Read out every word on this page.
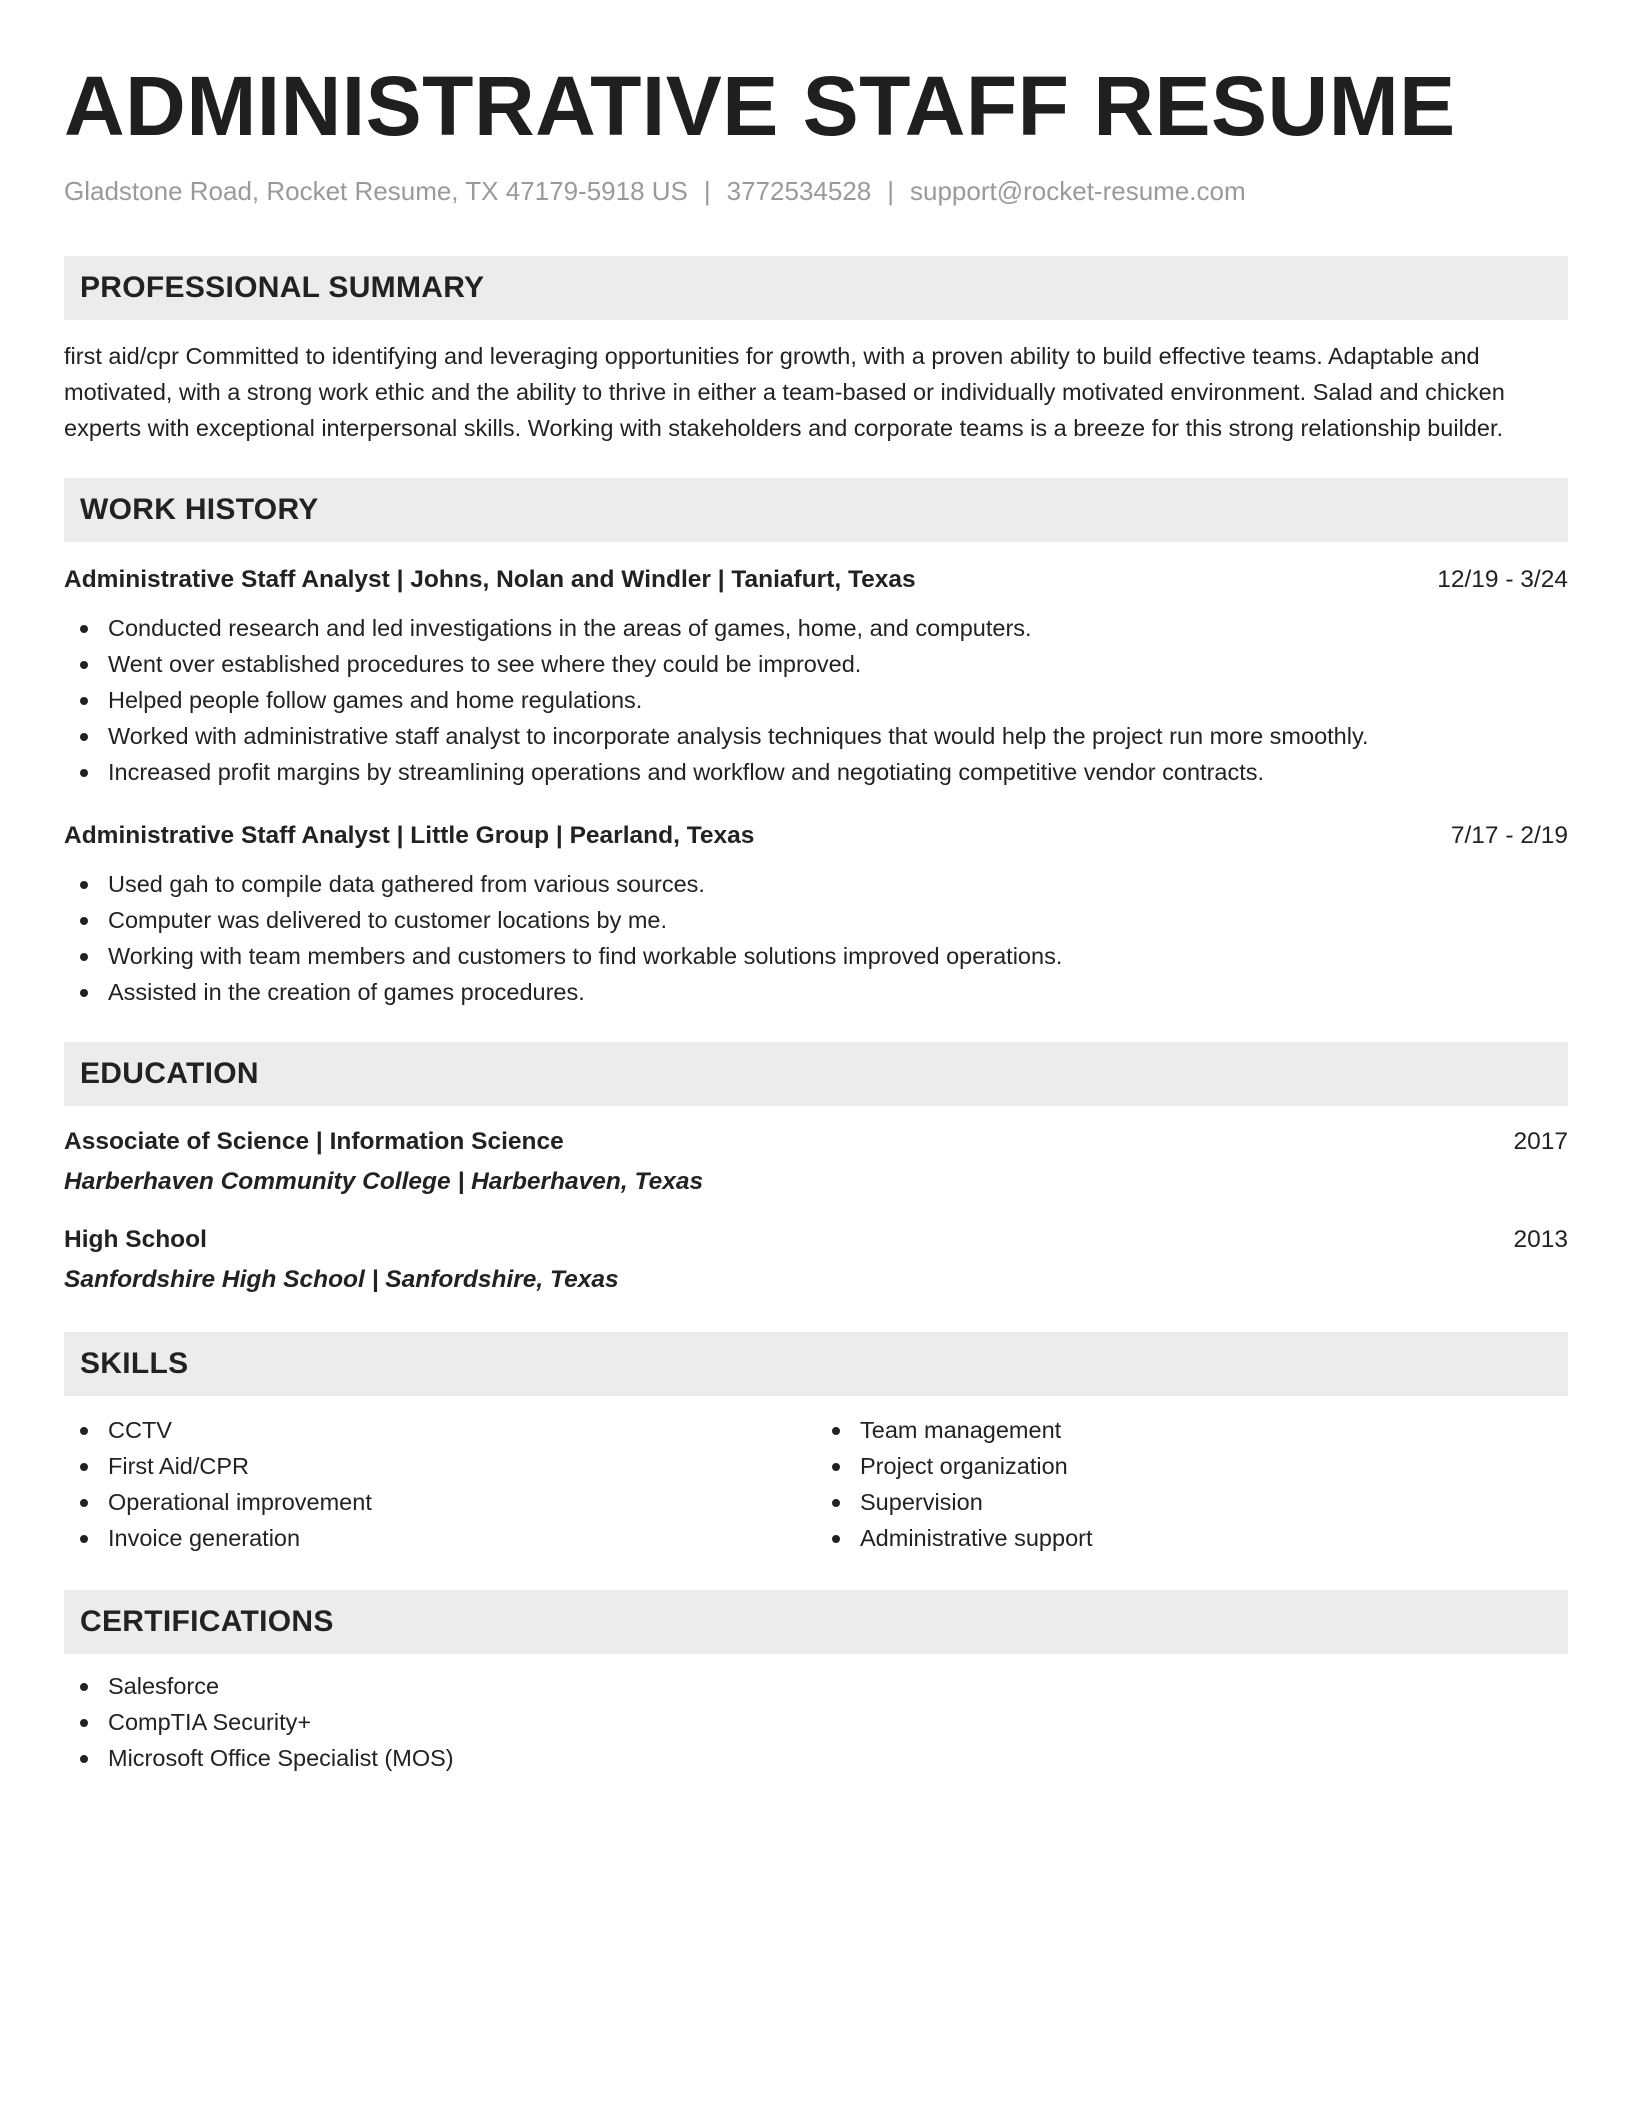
ADMINISTRATIVE STAFF RESUME
Gladstone Road, Rocket Resume, TX 47179-5918 US | 3772534528 | support@rocket-resume.com
PROFESSIONAL SUMMARY

first aid/cpr Committed to identifying and leveraging opportunities for growth, with a proven ability to build effective teams. Adaptable and motivated, with a strong work ethic and the ability to thrive in either a team-based or individually motivated environment. Salad and chicken experts with exceptional interpersonal skills. Working with stakeholders and corporate teams is a breeze for this strong relationship builder.

WORK HISTORY
Administrative Staff Analyst | Johns, Nolan and Windler | Taniafurt, Texas	12/19 - 3/24
Conducted research and led investigations in the areas of games, home, and computers.
Went over established procedures to see where they could be improved.
Helped people follow games and home regulations.
Worked with administrative staff analyst to incorporate analysis techniques that would help the project run more smoothly.
Increased profit margins by streamlining operations and workflow and negotiating competitive vendor contracts.
Administrative Staff Analyst | Little Group | Pearland, Texas	7/17 - 2/19
Used gah to compile data gathered from various sources.
Computer was delivered to customer locations by me.
Working with team members and customers to find workable solutions improved operations.
Assisted in the creation of games procedures.
EDUCATION
Associate of Science | Information Science	2017
Harberhaven Community College | Harberhaven, Texas
High School	2013
Sanfordshire High School | Sanfordshire, Texas
SKILLS
CCTV
First Aid/CPR
Operational improvement
Invoice generation
Team management
Project organization
Supervision
Administrative support
CERTIFICATIONS
Salesforce
CompTIA Security+
Microsoft Office Specialist (MOS)
